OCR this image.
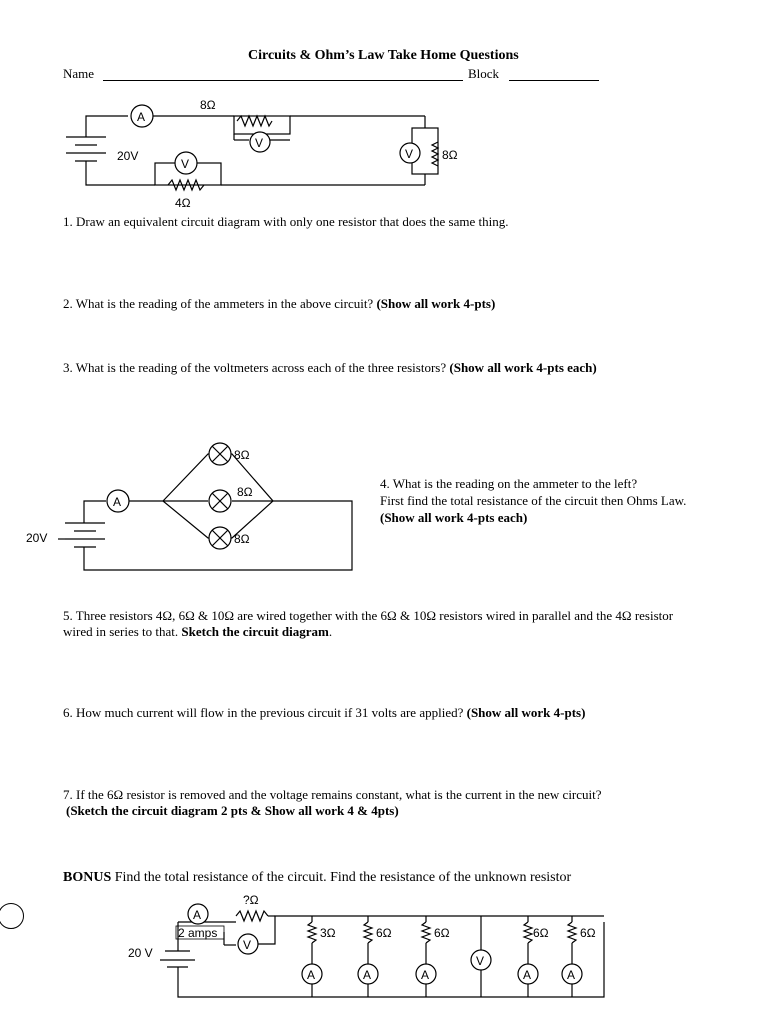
Circuits & Ohm’s Law Take Home Questions
Name	Block
20V
A
8Ω
V
V 8Ω
V
4Ω
1. Draw an equivalent circuit diagram with only one resistor that does the same thing.
2. What is the reading of the ammeters in the above circuit? (Show all work 4-pts)
3. What is the reading of the voltmeters across each of the three resistors? (Show all work 4-pts each)
20V
A
8Ω
8Ω
8Ω
4. What is the reading on the ammeter to the left?
First find the total resistance of the circuit then Ohms Law.
(Show all work 4-pts each)
5. Three resistors 4Ω, 6Ω & 10Ω are wired together with the 6Ω & 10Ω resistors wired in parallel and the 4Ω resistor
wired in series to that. Sketch the circuit diagram.
6. How much current will flow in the previous circuit if 31 volts are applied? (Show all work 4-pts)
7. If the 6Ω resistor is removed and the voltage remains constant, what is the current in the new circuit?
(Sketch the circuit diagram 2 pts & Show all work 4 & 4pts)
BONUS Find the total resistance of the circuit. Find the resistance of the unknown resistor
20 V
A
2 amps
?Ω
V
A
3Ω
A
6Ω
A
6Ω
V
A
6Ω
A
6Ω
